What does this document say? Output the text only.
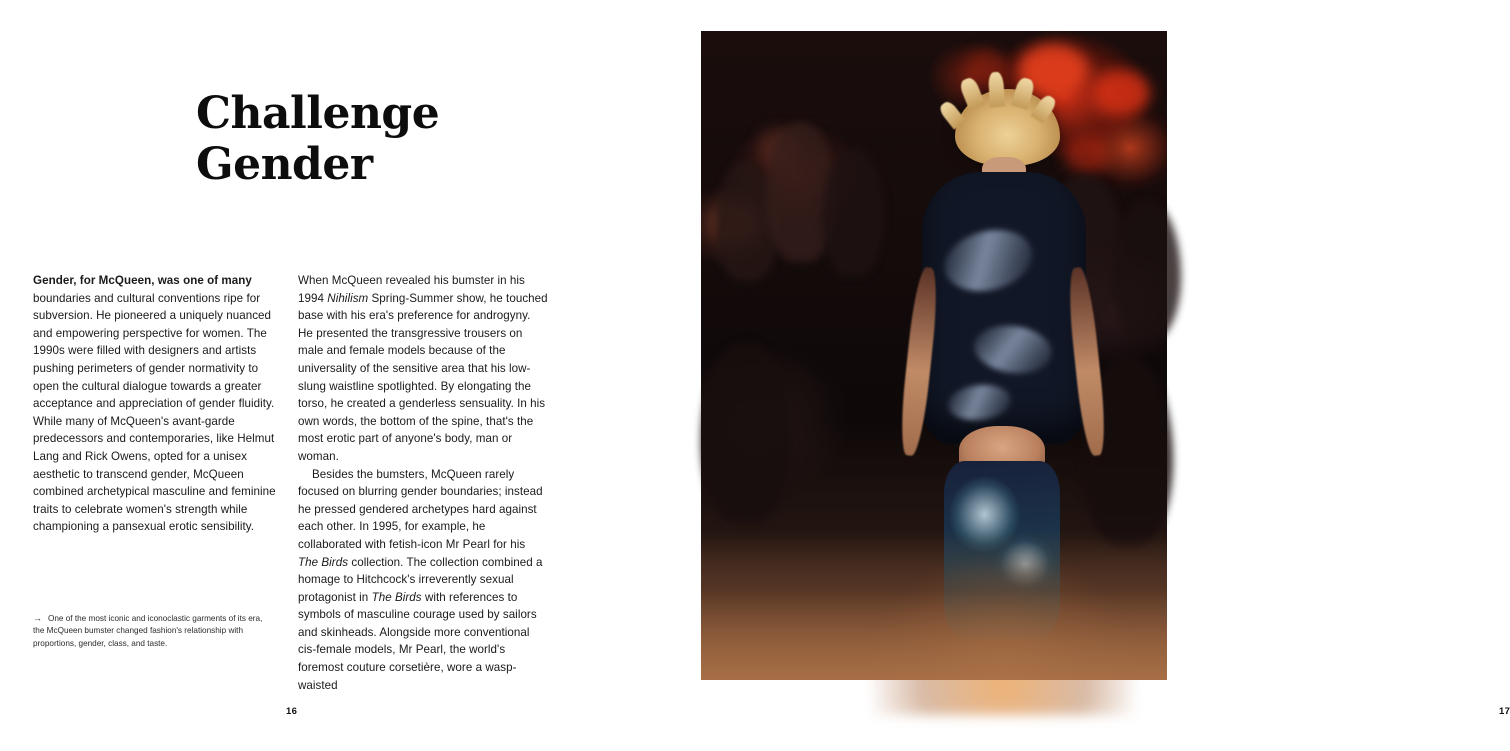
Challenge
Gender

Gender, for McQueen, was one of many boundaries and cultural conventions ripe for subversion. He pioneered a uniquely nuanced and empowering perspective for women. The 1990s were filled with designers and artists pushing perimeters of gender normativity to open the cultural dialogue towards a greater acceptance and appreciation of gender fluidity. While many of McQueen's avant-garde predecessors and contemporaries, like Helmut Lang and Rick Owens, opted for a unisex aesthetic to transcend gender, McQueen combined archetypical masculine and feminine traits to celebrate women's strength while championing a pansexual erotic sensibility.

When McQueen revealed his bumster in his 1994 Nihilism Spring-Summer show, he touched base with his era's preference for androgyny. He presented the transgressive trousers on male and female models because of the universality of the sensitive area that his low-slung waistline spotlighted. By elongating the torso, he created a genderless sensuality. In his own words, the bottom of the spine, that's the most erotic part of anyone's body, man or woman.

Besides the bumsters, McQueen rarely focused on blurring gender boundaries; instead he pressed gendered archetypes hard against each other. In 1995, for example, he collaborated with fetish-icon Mr Pearl for his The Birds collection. The collection combined a homage to Hitchcock's irreverently sexual protagonist in The Birds with references to symbols of masculine courage used by sailors and skinheads. Alongside more conventional cis-female models, Mr Pearl, the world's foremost couture corsetière, wore a wasp-waisted

→ One of the most iconic and iconoclastic garments of its era, the McQueen bumster changed fashion's relationship with proportions, gender, class, and taste.
16	17
